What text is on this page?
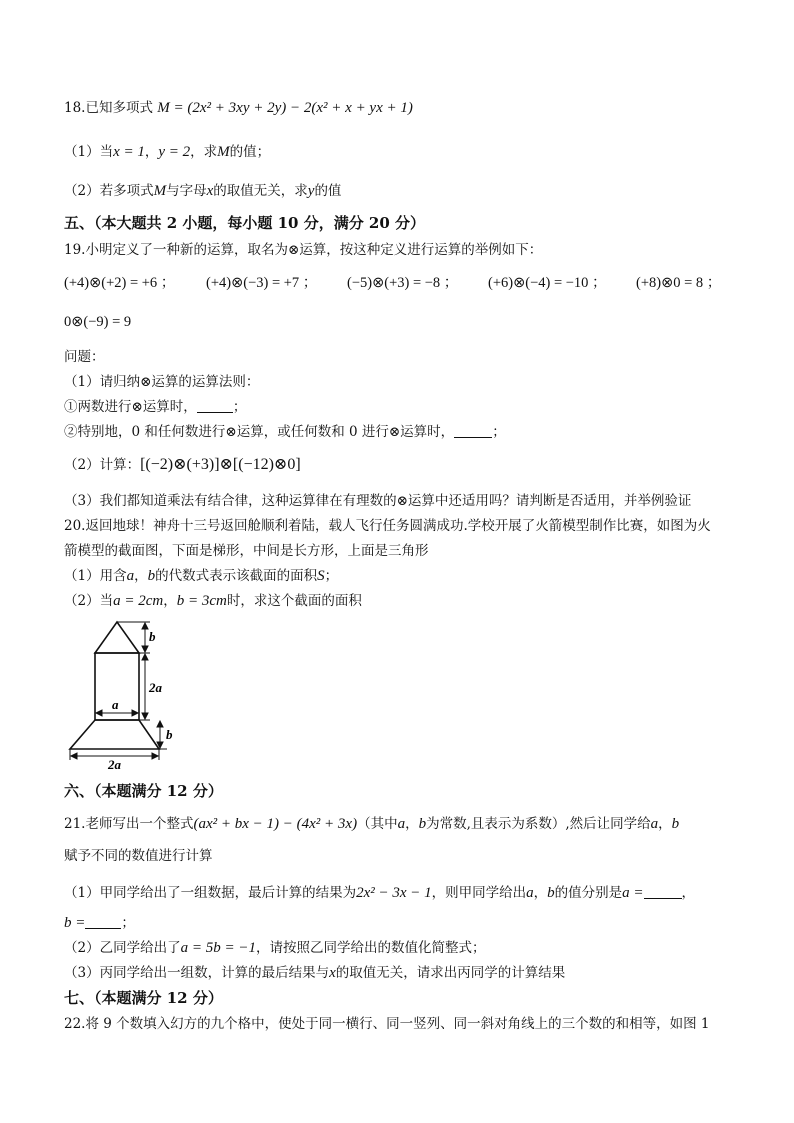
18.已知多项式 M = (2x² + 3xy + 2y) − 2(x² + x + yx + 1)
（1）当x = 1，y = 2，求M的值；
（2）若多项式M与字母x的取值无关，求y的值
五、（本大题共 2 小题，每小题 10 分，满分 20 分）
19.小明定义了一种新的运算，取名为⊗运算，按这种定义进行运算的举例如下：
(+4)⊗(+2) = +6 ； (+4)⊗(−3) = +7 ； (−5)⊗(+3) = −8 ； (+6)⊗(−4) = −10 ； (+8)⊗0 = 8 ；
0⊗(−9) = 9
问题：
（1）请归纳⊗运算的运算法则：
①两数进行⊗运算时，	；
②特别地，0 和任何数进行⊗运算，或任何数和 0 进行⊗运算时，	；
（2）计算：[(−2)⊗(+3)]⊗[(−12)⊗0]
（3）我们都知道乘法有结合律，这种运算律在有理数的⊗运算中还适用吗？请判断是否适用，并举例验证
20.返回地球！神舟十三号返回舱顺利着陆，载人飞行任务圆满成功.学校开展了火箭模型制作比赛，如图为火
箭模型的截面图，下面是梯形，中间是长方形，上面是三角形
（1）用含a，b的代数式表示该截面的面积S；
（2）当a = 2cm，b = 3cm时，求这个截面的面积
b
2a
a
b
2a
六、（本题满分 12 分）
21.老师写出一个整式(ax² + bx − 1) − (4x² + 3x)（其中a，b为常数,且表示为系数）,然后让同学给a，b
赋予不同的数值进行计算
（1）甲同学给出了一组数据，最后计算的结果为2x² − 3x − 1，则甲同学给出a，b的值分别是a =	，
b =	；
（2）乙同学给出了a = 5b = −1，请按照乙同学给出的数值化简整式；
（3）丙同学给出一组数，计算的最后结果与x的取值无关，请求出丙同学的计算结果
七、（本题满分 12 分）
22.将 9 个数填入幻方的九个格中，使处于同一横行、同一竖列、同一斜对角线上的三个数的和相等，如图 1
